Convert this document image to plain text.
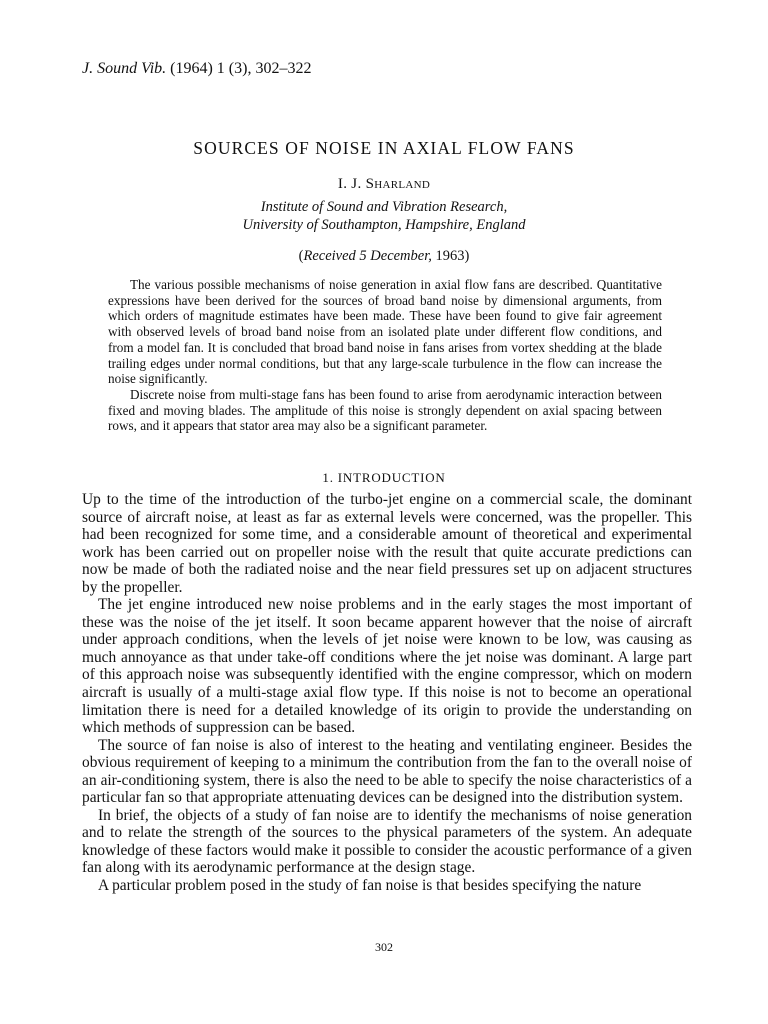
J. Sound Vib. (1964) 1 (3), 302–322
SOURCES OF NOISE IN AXIAL FLOW FANS
I. J. Sharland
Institute of Sound and Vibration Research,
University of Southampton, Hampshire, England
(Received 5 December, 1963)

The various possible mechanisms of noise generation in axial flow fans are described. Quantitative expressions have been derived for the sources of broad band noise by dimensional arguments, from which orders of magnitude estimates have been made. These have been found to give fair agreement with observed levels of broad band noise from an isolated plate under different flow conditions, and from a model fan. It is concluded that broad band noise in fans arises from vortex shedding at the blade trailing edges under normal conditions, but that any large-scale turbulence in the flow can increase the noise significantly.

Discrete noise from multi-stage fans has been found to arise from aerodynamic interaction between fixed and moving blades. The amplitude of this noise is strongly dependent on axial spacing between rows, and it appears that stator area may also be a significant parameter.

1. INTRODUCTION

Up to the time of the introduction of the turbo-jet engine on a commercial scale, the dominant source of aircraft noise, at least as far as external levels were concerned, was the propeller. This had been recognized for some time, and a considerable amount of theoretical and experimental work has been carried out on propeller noise with the result that quite accurate predictions can now be made of both the radiated noise and the near field pressures set up on adjacent structures by the propeller.

The jet engine introduced new noise problems and in the early stages the most important of these was the noise of the jet itself. It soon became apparent however that the noise of aircraft under approach conditions, when the levels of jet noise were known to be low, was causing as much annoyance as that under take-off conditions where the jet noise was dominant. A large part of this approach noise was subsequently identified with the engine compressor, which on modern aircraft is usually of a multi-stage axial flow type. If this noise is not to become an operational limitation there is need for a detailed knowledge of its origin to provide the understanding on which methods of suppression can be based.

The source of fan noise is also of interest to the heating and ventilating engineer. Besides the obvious requirement of keeping to a minimum the contribution from the fan to the overall noise of an air-conditioning system, there is also the need to be able to specify the noise characteristics of a particular fan so that appropriate attenuating devices can be designed into the distribution system.

In brief, the objects of a study of fan noise are to identify the mechanisms of noise generation and to relate the strength of the sources to the physical parameters of the system. An adequate knowledge of these factors would make it possible to consider the acoustic performance of a given fan along with its aerodynamic performance at the design stage.

A particular problem posed in the study of fan noise is that besides specifying the nature

302
